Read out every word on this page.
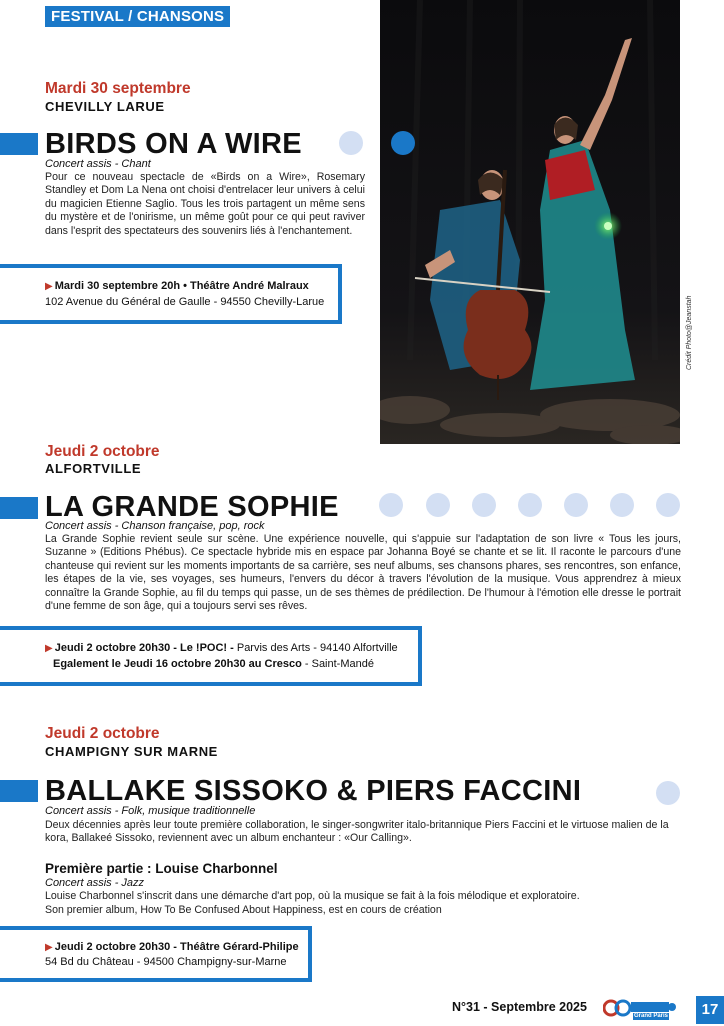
FESTIVAL / CHANSONS
Crédit Photo@Jeanstah
Mardi 30 septembre
CHEVILLY LARUE
BIRDS ON A WIRE
Concert assis - Chant
Pour ce nouveau spectacle de «Birds on a Wire», Rosemary Standley et Dom La Nena ont choisi d'entrelacer leur univers à celui du magicien Etienne Saglio. Tous les trois partagent un même sens du mystère et de l'onirisme, un même goût pour ce qui peut raviver dans l'esprit des spectateurs des souvenirs liés à l'enchantement.
▶ Mardi 30 septembre 20h • Théâtre André Malraux
102 Avenue du Général de Gaulle - 94550 Chevilly-Larue
Jeudi 2 octobre
ALFORTVILLE
LA GRANDE SOPHIE
Concert assis - Chanson française, pop, rock
La Grande Sophie revient seule sur scène. Une expérience nouvelle, qui s'appuie sur l'adaptation de son livre « Tous les jours, Suzanne » (Editions Phébus). Ce spectacle hybride mis en espace par Johanna Boyé se chante et se lit. Il raconte le parcours d'une chanteuse qui revient sur les moments importants de sa carrière, ses neuf albums, ses chansons phares, ses rencontres, son enfance, les étapes de la vie, ses voyages, ses humeurs, l'envers du décor à travers l'évolution de la musique. Vous apprendrez à mieux connaître la Grande Sophie, au fil du temps qui passe, un de ses thèmes de prédilection. De l'humour à l'émotion elle dresse le portrait d'une femme de son âge, qui a toujours servi ses rêves.
▶ Jeudi 2 octobre 20h30 - Le !POC! - Parvis des Arts - 94140 Alfortville
Egalement le Jeudi 16 octobre 20h30 au Cresco - Saint-Mandé
Jeudi 2 octobre
CHAMPIGNY SUR MARNE
BALLAKE SISSOKO & PIERS FACCINI
Concert assis - Folk, musique traditionnelle
Deux décennies après leur toute première collaboration, le singer-songwriter italo-britannique Piers Faccini et le virtuose malien de la kora, Ballakeé Sissoko, reviennent avec un album enchanteur : «Our Calling».
Première partie : Louise Charbonnel
Concert assis - Jazz
Louise Charbonnel s'inscrit dans une démarche d'art pop, où la musique se fait à la fois mélodique et exploratoire.
Son premier album, How To Be Confused About Happiness, est en cours de création
▶ Jeudi 2 octobre 20h30 - Théâtre Gérard-Philipe
54 Bd du Château - 94500 Champigny-sur-Marne
N°31 - Septembre 2025
Grand Paris	17
